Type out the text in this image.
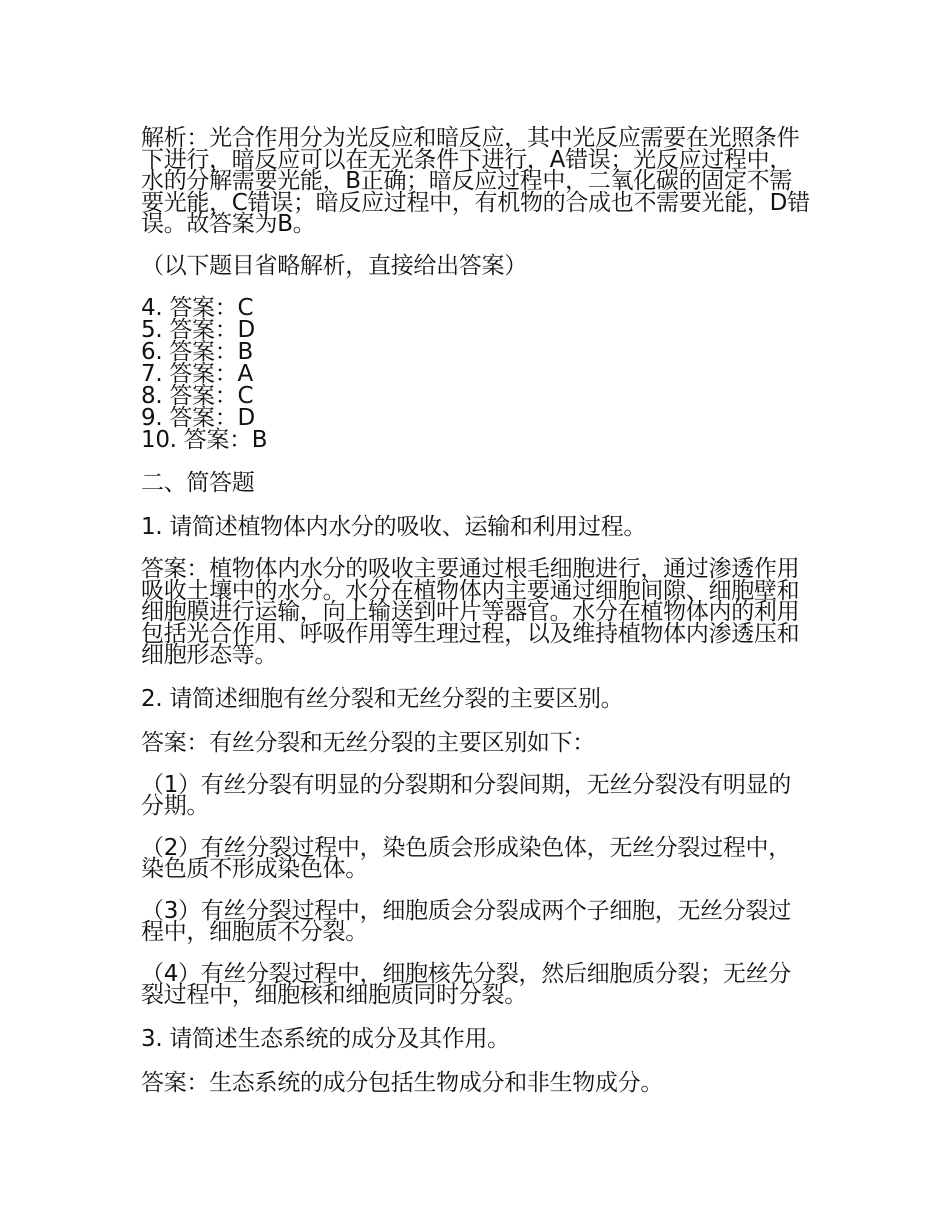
解析：光合作用分为光反应和暗反应，其中光反应需要在光照条件下进行，暗反应可以在无光条件下进行，A错误；光反应过程中，水的分解需要光能，B正确；暗反应过程中，二氧化碳的固定不需要光能，C错误；暗反应过程中，有机物的合成也不需要光能，D错误。故答案为B。

（以下题目省略解析，直接给出答案）

4. 答案：C
5. 答案：D
6. 答案：B
7. 答案：A
8. 答案：C
9. 答案：D
10. 答案：B

二、简答题

1. 请简述植物体内水分的吸收、运输和利用过程。

答案：植物体内水分的吸收主要通过根毛细胞进行，通过渗透作用吸收土壤中的水分。水分在植物体内主要通过细胞间隙、细胞壁和细胞膜进行运输，向上输送到叶片等器官。水分在植物体内的利用包括光合作用、呼吸作用等生理过程，以及维持植物体内渗透压和细胞形态等。

2. 请简述细胞有丝分裂和无丝分裂的主要区别。

答案：有丝分裂和无丝分裂的主要区别如下：

（1）有丝分裂有明显的分裂期和分裂间期，无丝分裂没有明显的分期。

（2）有丝分裂过程中，染色质会形成染色体，无丝分裂过程中，染色质不形成染色体。

（3）有丝分裂过程中，细胞质会分裂成两个子细胞，无丝分裂过程中，细胞质不分裂。

（4）有丝分裂过程中，细胞核先分裂，然后细胞质分裂；无丝分裂过程中，细胞核和细胞质同时分裂。

3. 请简述生态系统的成分及其作用。

答案：生态系统的成分包括生物成分和非生物成分。
